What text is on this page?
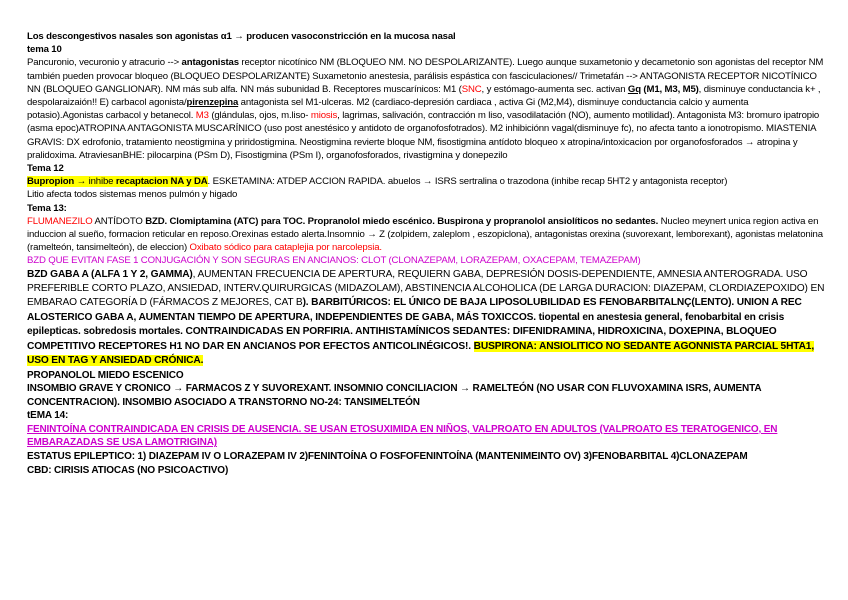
Los descongestivos nasales son agonistas α1 → producen vasoconstricción en la mucosa nasal

tema 10

Pancuronio, vecuronio y atracurio --> antagonistas receptor nicotínico NM (BLOQUEO NM. NO DESPOLARIZANTE). Luego aunque suxametonio y decametonio son agonistas del receptor NM también pueden provocar bloqueo (BLOQUEO DESPOLARIZANTE) Suxametonio anestesia, parálisis espástica con fasciculaciones// Trimetafán --> ANTAGONISTA RECEPTOR NICOTÍNICO NN (BLOQUEO GANGLIONAR). NM más sub alfa. NN más subunidad B. Receptores muscarínicos: M1 (SNC, y estómago-aumenta sec. activan Gq (M1, M3, M5), disminuye conductancia k+ , despolaraizaión!! E) carbacol agonista/pirenzepina antagonista sel M1-ulceras. M2 (cardiaco-depresión cardiaca , activa Gi (M2,M4), disminuye conductancia calcio y aumenta potasio).Agonistas carbacol y betanecol. M3 (glándulas, ojos, m.liso- miosis, lagrimas, salivación, contracción m liso, vasodilatación (NO), aumento motilidad). Antagonista M3: bromuro ipatropio (asma epoc)ATROPINA ANTAGONISTA MUSCARÍNICO (uso post anestésico y antidoto de organofosfotrados). M2 inhibiciónn vagal(disminuye fc), no afecta tanto a ionotropismo. MIASTENIA GRAVIS: DX edrofonio, tratamiento neostigmina y priridostigmina. Neostigmina revierte bloque NM, fisostigmina antídoto bloqueo x atropina/intoxicacion por organofosforados → atropina y pralidoxima. AtraviesanBHE: pilocarpina (PSm D), Fisostigmina (PSm I), organofosforados, rivastigmina y donepezilo

Tema 12

Bupropion → inhibe recaptacion NA y DA. ESKETAMINA: ATDEP ACCION RAPIDA. abuelos → ISRS sertralina o trazodona (inhibe recap 5HT2 y antagonista receptor)

Litio afecta todos sistemas menos pulmón y higado

Tema 13:

FLUMANEZILO ANTÍDOTO BZD. Clomiptamina (ATC) para TOC. Propranolol miedo escénico. Buspirona y propranolol ansiolíticos no sedantes. Nucleo meynert unica region activa en induccion al sueño, formacion reticular en reposo.Orexinas estado alerta.Insomnio → Z (zolpidem, zaleplom , eszopiclona), antagonistas orexina (suvorexant, lemborexant), agonistas melatonina (ramelteón, tansimelteón), de eleccion) Oxibato sódico para cataplejia por narcolepsia.

BZD QUE EVITAN FASE 1 CONJUGACIÓN Y SON SEGURAS EN ANCIANOS: CLOT (CLONAZEPAM, LORAZEPAM, OXACEPAM, TEMAZEPAM)

BZD GABA A (ALFA 1 Y 2, GAMMA), AUMENTAN FRECUENCIA DE APERTURA, REQUIERN GABA, DEPRESIÓN DOSIS-DEPENDIENTE, AMNESIA ANTEROGRADA. USO PREFERIBLE CORTO PLAZO, ANSIEDAD, INTERV.QUIRURGICAS (MIDAZOLAM), ABSTINENCIA ALCOHOLICA (DE LARGA DURACION: DIAZEPAM, CLORDIAZEPOXIDO) EN EMBARAO CATEGORÍA D (FÁRMACOS Z MEJORES, CAT B). BARBITÚRICOS: EL ÚNICO DE BAJA LIPOSOLUBILIDAD ES FENOBARBITALNÇ(LENTO). UNION A REC ALOSTERICO GABA A, AUMENTAN TIEMPO DE APERTURA, INDEPENDIENTES DE GABA, MÁS TOXICCOS. tiopental en anestesia general, fenobarbital en crisis epilepticas. sobredosis mortales. CONTRAINDICADAS EN PORFIRIA. ANTIHISTAMÍNICOS SEDANTES: DIFENIDRAMINA, HIDROXICINA, DOXEPINA, BLOQUEO COMPETITIVO RECEPTORES H1 NO DAR EN ANCIANOS POR EFECTOS ANTICOLINÉGICOS!. BUSPIRONA: ANSIOLITICO NO SEDANTE AGONNISTA PARCIAL 5HTA1, USO EN TAG Y ANSIEDAD CRÓNICA.

PROPANOLOL MIEDO ESCENICO

INSOMBIO GRAVE Y CRONICO → FARMACOS Z Y SUVOREXANT. INSOMNIO CONCILIACION → RAMELTEÓN (NO USAR CON FLUVOXAMINA ISRS, AUMENTA CONCENTRACION). INSOMBIO ASOCIADO A TRANSTORNO NO-24: TANSIMELTEÓN

tEMA 14:

FENINTOÍNA CONTRAINDICADA EN CRISIS DE AUSENCIA. SE USAN ETOSUXIMIDA EN NIÑOS, VALPROATO EN ADULTOS (VALPROATO ES TERATOGENICO, EN EMBARAZADAS SE USA LAMOTRIGINA)

ESTATUS EPILEPTICO: 1) DIAZEPAM IV O LORAZEPAM IV 2)FENINTOÍNA O FOSFOFENINTOÍNA (MANTENIMEINTO OV) 3)FENOBARBITAL 4)CLONAZEPAM

CBD: CIRISIS ATIOCAS (NO PSICOACTIVO)
